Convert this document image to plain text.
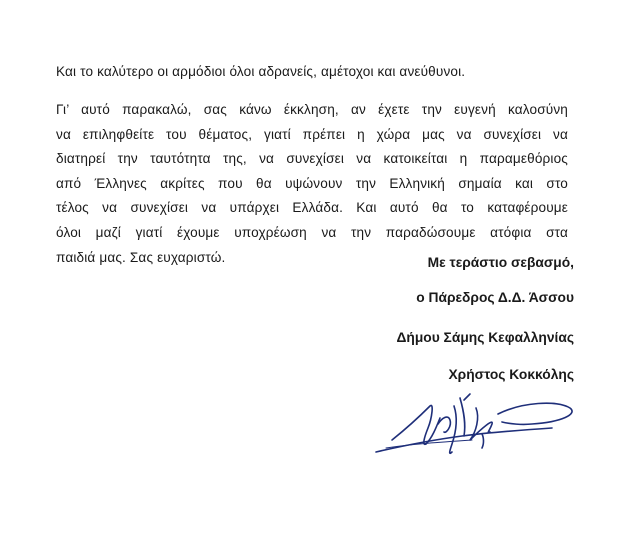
Και το καλύτερο οι αρμόδιοι όλοι αδρανείς, αμέτοχοι και ανεύθυνοι.
Γι’ αυτό παρακαλώ, σας κάνω έκκληση, αν έχετε την ευγενή καλοσύνη
να επιληφθείτε του θέματος, γιατί πρέπει η χώρα μας να συνεχίσει να
διατηρεί την ταυτότητα της, να συνεχίσει να κατοικείται η παραμεθόριος
από Έλληνες ακρίτες που θα υψώνουν την Ελληνική σημαία και στο
τέλος να συνεχίσει να υπάρχει Ελλάδα. Και αυτό θα το καταφέρουμε
όλοι μαζί γιατί έχουμε υποχρέωση να την παραδώσουμε ατόφια στα
παιδιά μας. Σας ευχαριστώ.	Με τεράστιο σεβασμό,
ο Πάρεδρος Δ.Δ. Άσσου
Δήμου Σάμης Κεφαλληνίας
Χρήστος Κοκκόλης
